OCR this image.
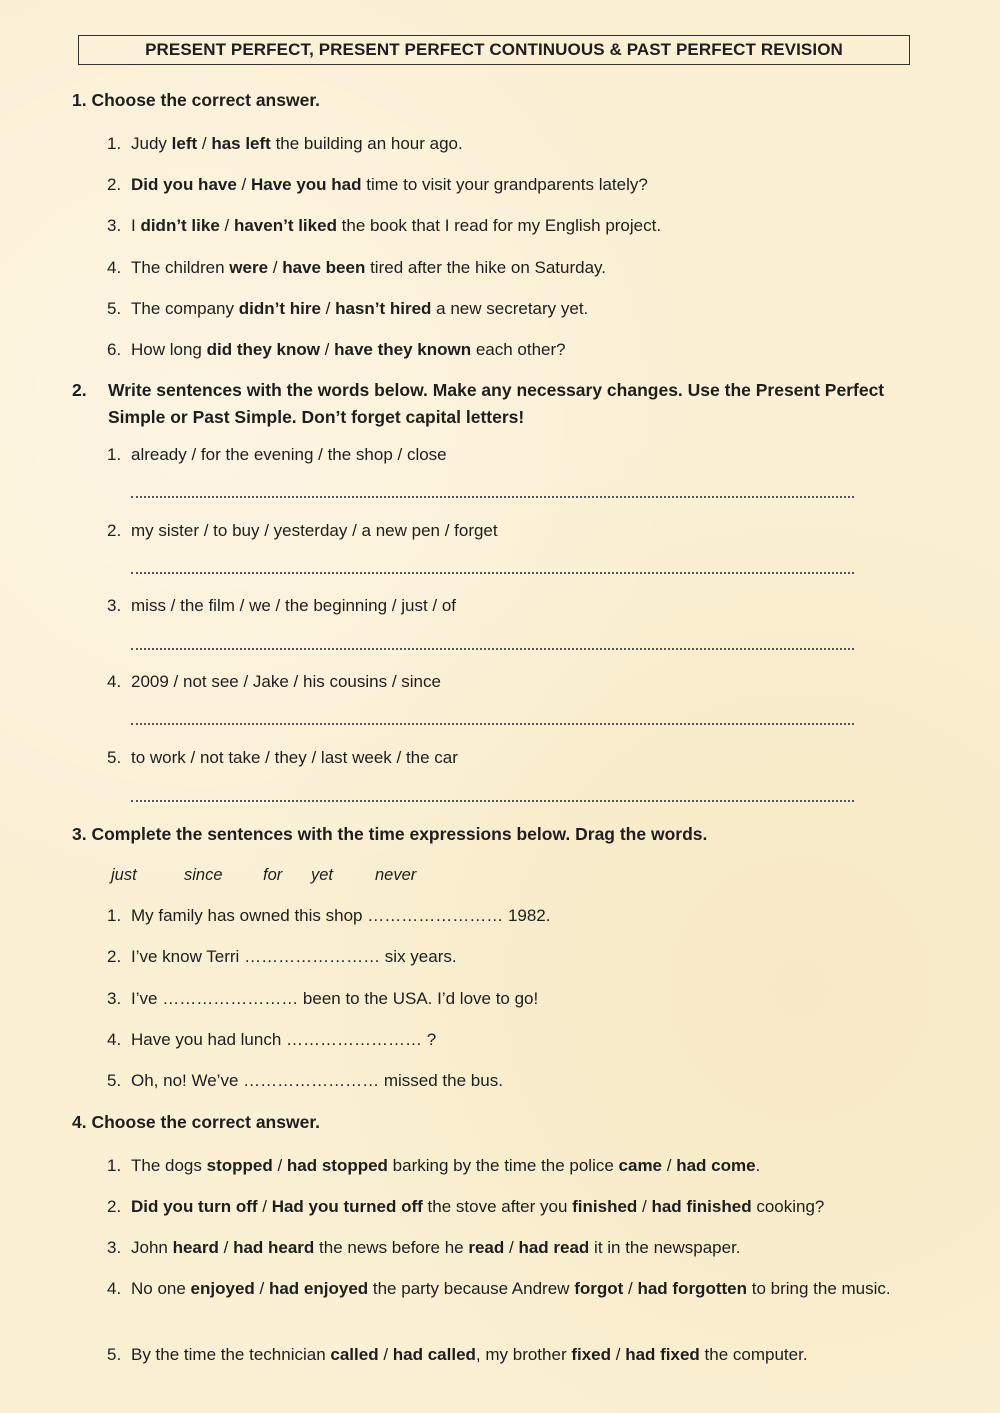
PRESENT PERFECT, PRESENT PERFECT CONTINUOUS & PAST PERFECT REVISION
1. Choose the correct answer.
1. Judy left / has left the building an hour ago.
2. Did you have / Have you had time to visit your grandparents lately?
3. I didn’t like / haven’t liked the book that I read for my English project.
4. The children were / have been tired after the hike on Saturday.
5. The company didn’t hire / hasn’t hired a new secretary yet.
6. How long did they know / have they known each other?
2. Write sentences with the words below. Make any necessary changes. Use the Present Perfect Simple or Past Simple. Don’t forget capital letters!
1. already / for the evening / the shop / close
2. my sister / to buy / yesterday / a new pen / forget
3. miss / the film / we / the beginning / just / of
4. 2009 / not see / Jake / his cousins / since
5. to work / not take / they / last week / the car
3. Complete the sentences with the time expressions below. Drag the words.
just	since for yet	never
1. My family has owned this shop …………………… 1982.
2. I’ve know Terri …………………… six years.
3. I’ve …………………… been to the USA. I’d love to go!
4. Have you had lunch …………………… ?
5. Oh, no! We’ve …………………… missed the bus.
4. Choose the correct answer.
1. The dogs stopped / had stopped barking by the time the police came / had come.
2. Did you turn off / Had you turned off the stove after you finished / had finished cooking?
3. John heard / had heard the news before he read / had read it in the newspaper.
4. No one enjoyed / had enjoyed the party because Andrew forgot / had forgotten to bring the music.
5. By the time the technician called / had called, my brother fixed / had fixed the computer.
